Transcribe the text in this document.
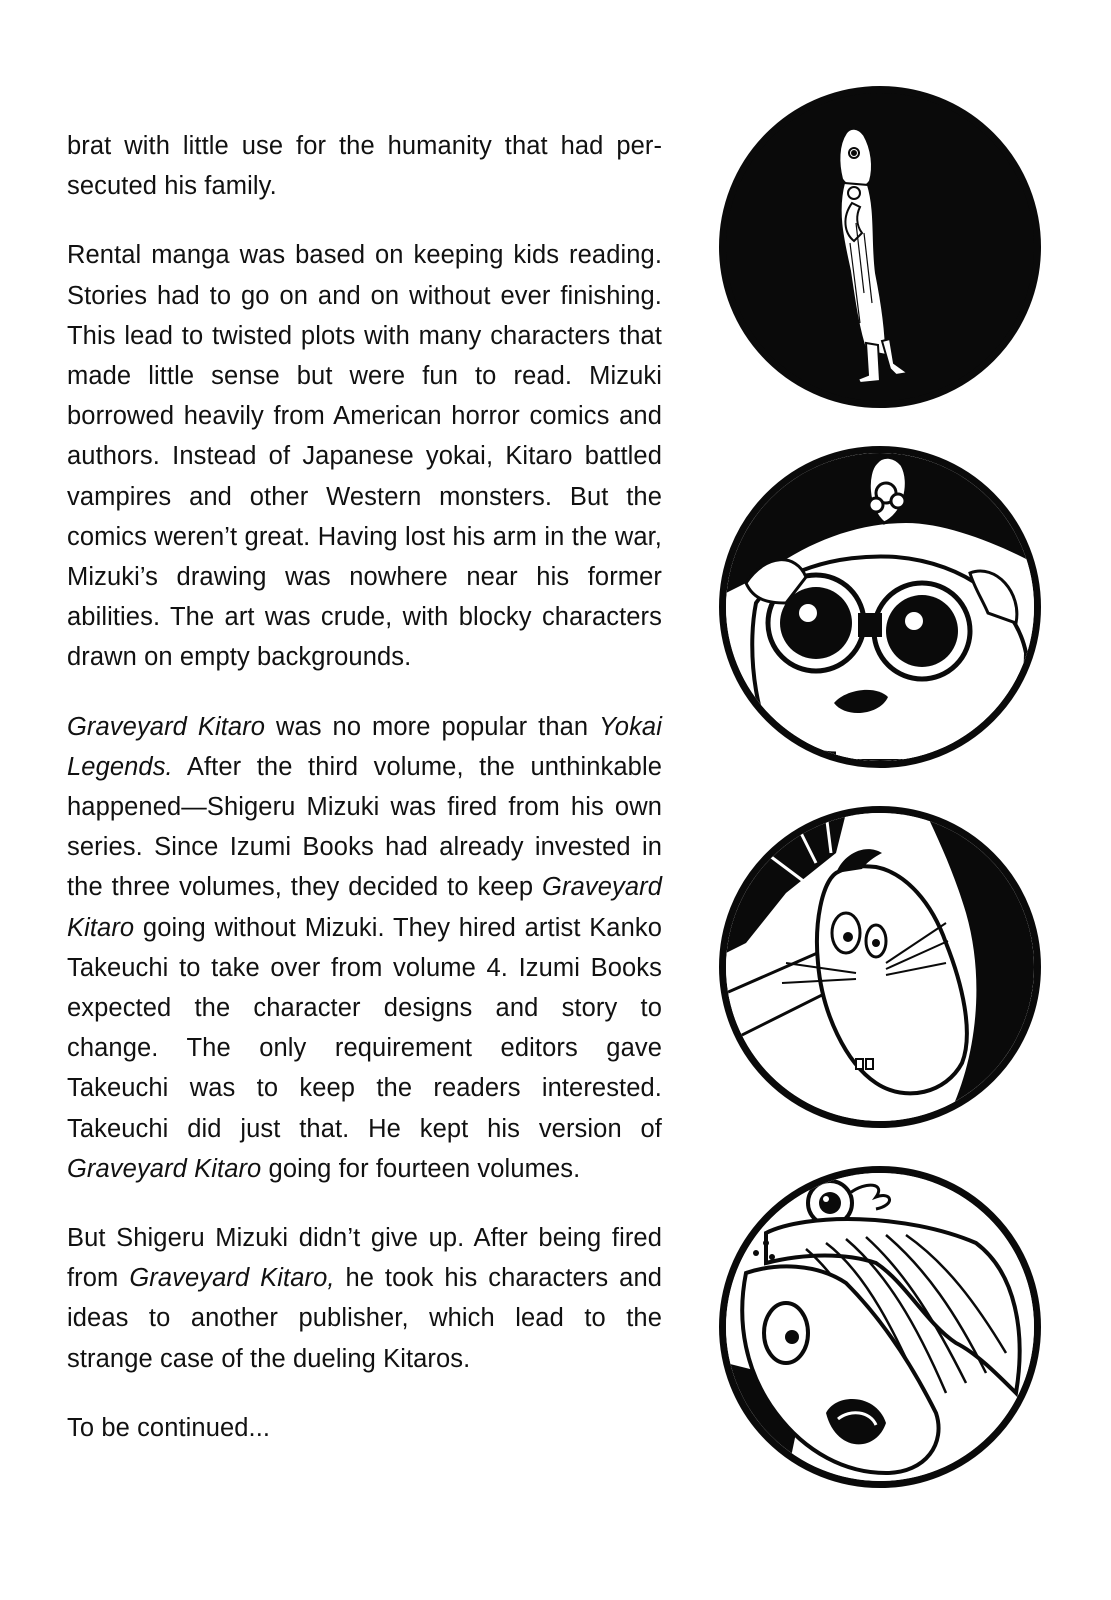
brat with little use for the humanity that had persecuted his family.

Rental manga was based on keeping kids reading. Stories had to go on and on without ever finishing. This lead to twisted plots with many characters that made little sense but were fun to read. Mizuki borrowed heavily from American horror comics and authors. Instead of Japanese yokai, Kitaro battled vampires and other Western monsters. But the comics weren’t great. Having lost his arm in the war, Mizuki’s drawing was nowhere near his former abilities. The art was crude, with blocky characters drawn on empty backgrounds.

Graveyard Kitaro was no more popular than Yokai Legends. After the third volume, the unthinkable happened—Shigeru Mizuki was fired from his own series. Since Izumi Books had already invested in the three volumes, they decided to keep Graveyard Kitaro going without Mizuki. They hired artist Kanko Takeuchi to take over from volume 4. Izumi Books expected the character designs and story to change. The only requirement editors gave Takeuchi was to keep the readers interested. Takeuchi did just that. He kept his version of Graveyard Kitaro going for fourteen volumes.

But Shigeru Mizuki didn’t give up. After being fired from Graveyard Kitaro, he took his characters and ideas to another publisher, which lead to the strange case of the dueling Kitaros.

To be continued...
